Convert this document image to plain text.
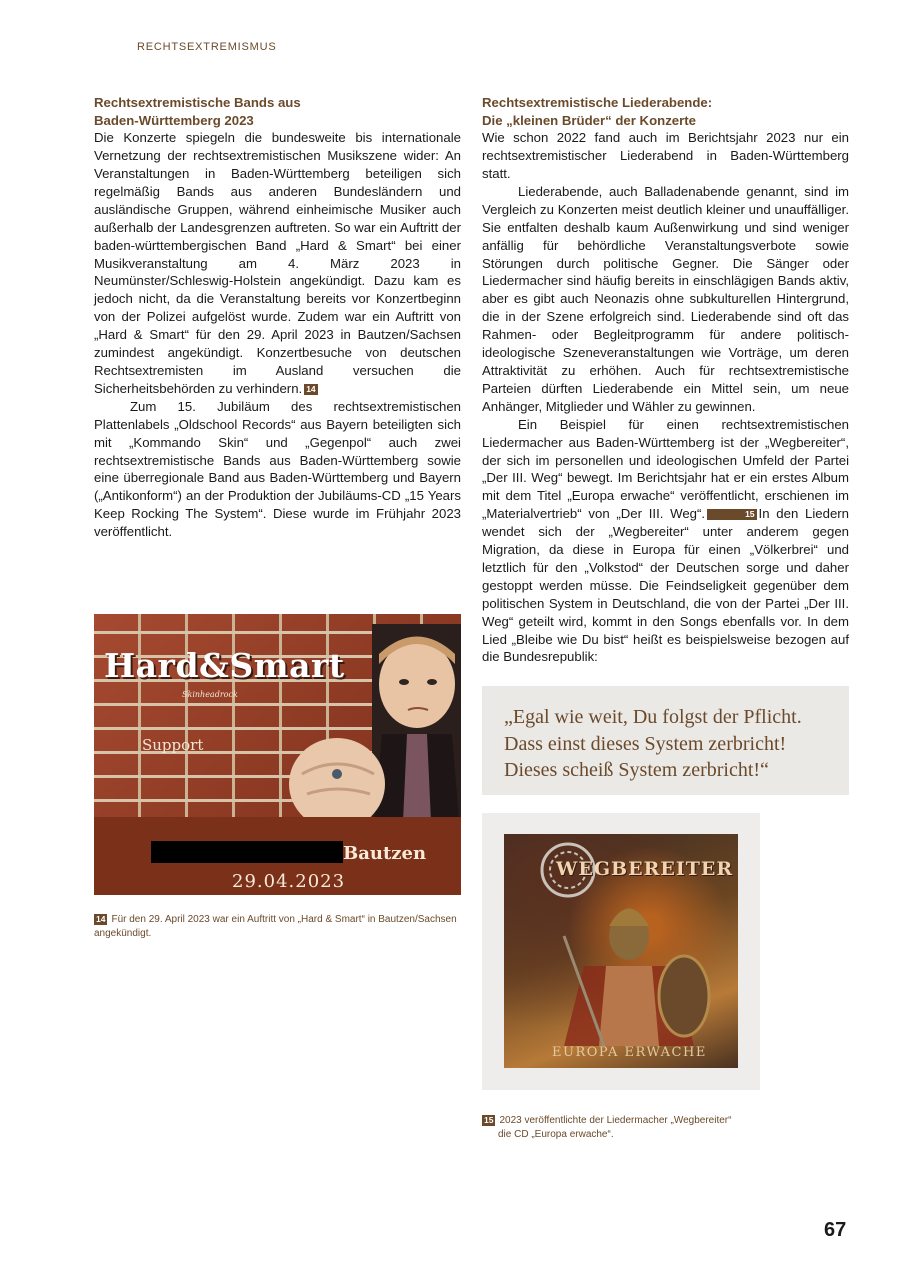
RECHTSEXTREMISMUS
Rechtsextremistische Bands aus
Baden-Württemberg 2023

Die Konzerte spiegeln die bundesweite bis internationale Vernetzung der rechtsextremistischen Musikszene wider: An Veranstaltungen in Baden-Württemberg beteiligen sich regelmäßig Bands aus anderen Bundesländern und ausländische Gruppen, während einheimische Musiker auch außerhalb der Landesgrenzen auftreten. So war ein Auftritt der baden-württembergischen Band „Hard & Smart“ bei einer Musikveranstaltung am 4. März 2023 in Neumünster/Schleswig-Holstein angekündigt. Dazu kam es jedoch nicht, da die Veranstaltung bereits vor Konzertbeginn von der Polizei aufgelöst wurde. Zudem war ein Auftritt von „Hard & Smart“ für den 29. April 2023 in Bautzen/Sachsen zumindest angekündigt. Konzertbesuche von deutschen Rechtsextremisten im Ausland versuchen die Sicherheitsbehörden zu verhindern. 14

Zum 15. Jubiläum des rechtsextremistischen Plattenlabels „Oldschool Records“ aus Bayern beteiligten sich mit „Kommando Skin“ und „Gegenpol“ auch zwei rechtsextremistische Bands aus Baden-Württemberg sowie eine überregionale Band aus Baden-Württemberg und Bayern („Antikonform“) an der Produktion der Jubiläums-CD „15 Years Keep Rocking The System“. Diese wurde im Frühjahr 2023 veröffentlicht.

Hard&Smart
Skinheadrock
Support
Bautzen
29.04.2023
14 Für den 29. April 2023 war ein Auftritt von „Hard & Smart“ in Bautzen/Sachsen angekündigt.
Rechtsextremistische Liederabende:
Die „kleinen Brüder“ der Konzerte

Wie schon 2022 fand auch im Berichtsjahr 2023 nur ein rechtsextremistischer Liederabend in Baden-Württemberg statt.

Liederabende, auch Balladenabende genannt, sind im Vergleich zu Konzerten meist deutlich kleiner und unauffälliger. Sie entfalten deshalb kaum Außenwirkung und sind weniger anfällig für behördliche Veranstaltungsverbote sowie Störungen durch politische Gegner. Die Sänger oder Liedermacher sind häufig bereits in einschlägigen Bands aktiv, aber es gibt auch Neonazis ohne subkulturellen Hintergrund, die in der Szene erfolgreich sind. Liederabende sind oft das Rahmen- oder Begleitprogramm für andere politisch-ideologische Szeneveranstaltungen wie Vorträge, um deren Attraktivität zu erhöhen. Auch für rechtsextremistische Parteien dürften Liederabende ein Mittel sein, um neue Anhänger, Mitglieder und Wähler zu gewinnen.

Ein Beispiel für einen rechtsextremistischen Liedermacher aus Baden-Württemberg ist der „Wegbereiter“, der sich im personellen und ideologischen Umfeld der Partei „Der III. Weg“ bewegt. Im Berichtsjahr hat er ein erstes Album mit dem Titel „Europa erwache“ veröffentlicht, erschienen im „Materialvertrieb“ von „Der III. Weg“.	15 In den Liedern wendet sich der „Wegbereiter“ unter anderem gegen Migration, da diese in Europa für einen „Völkerbrei“ und letztlich für den „Volkstod“ der Deutschen sorge und daher gestoppt werden müsse. Die Feindseligkeit gegenüber dem politischen System in Deutschland, die von der Partei „Der III. Weg“ geteilt wird, kommt in den Songs ebenfalls vor. In dem Lied „Bleibe wie Du bist“ heißt es beispielsweise bezogen auf die Bundesrepublik:

„Egal wie weit, Du folgst der Pflicht.
Dass einst dieses System zerbricht!
Dieses scheiß System zerbricht!“
WEGBEREITER
EUROPA ERWACHE
15 2023 veröffentlichte der Liedermacher „Wegbereiter“
die CD „Europa erwache“.
67
